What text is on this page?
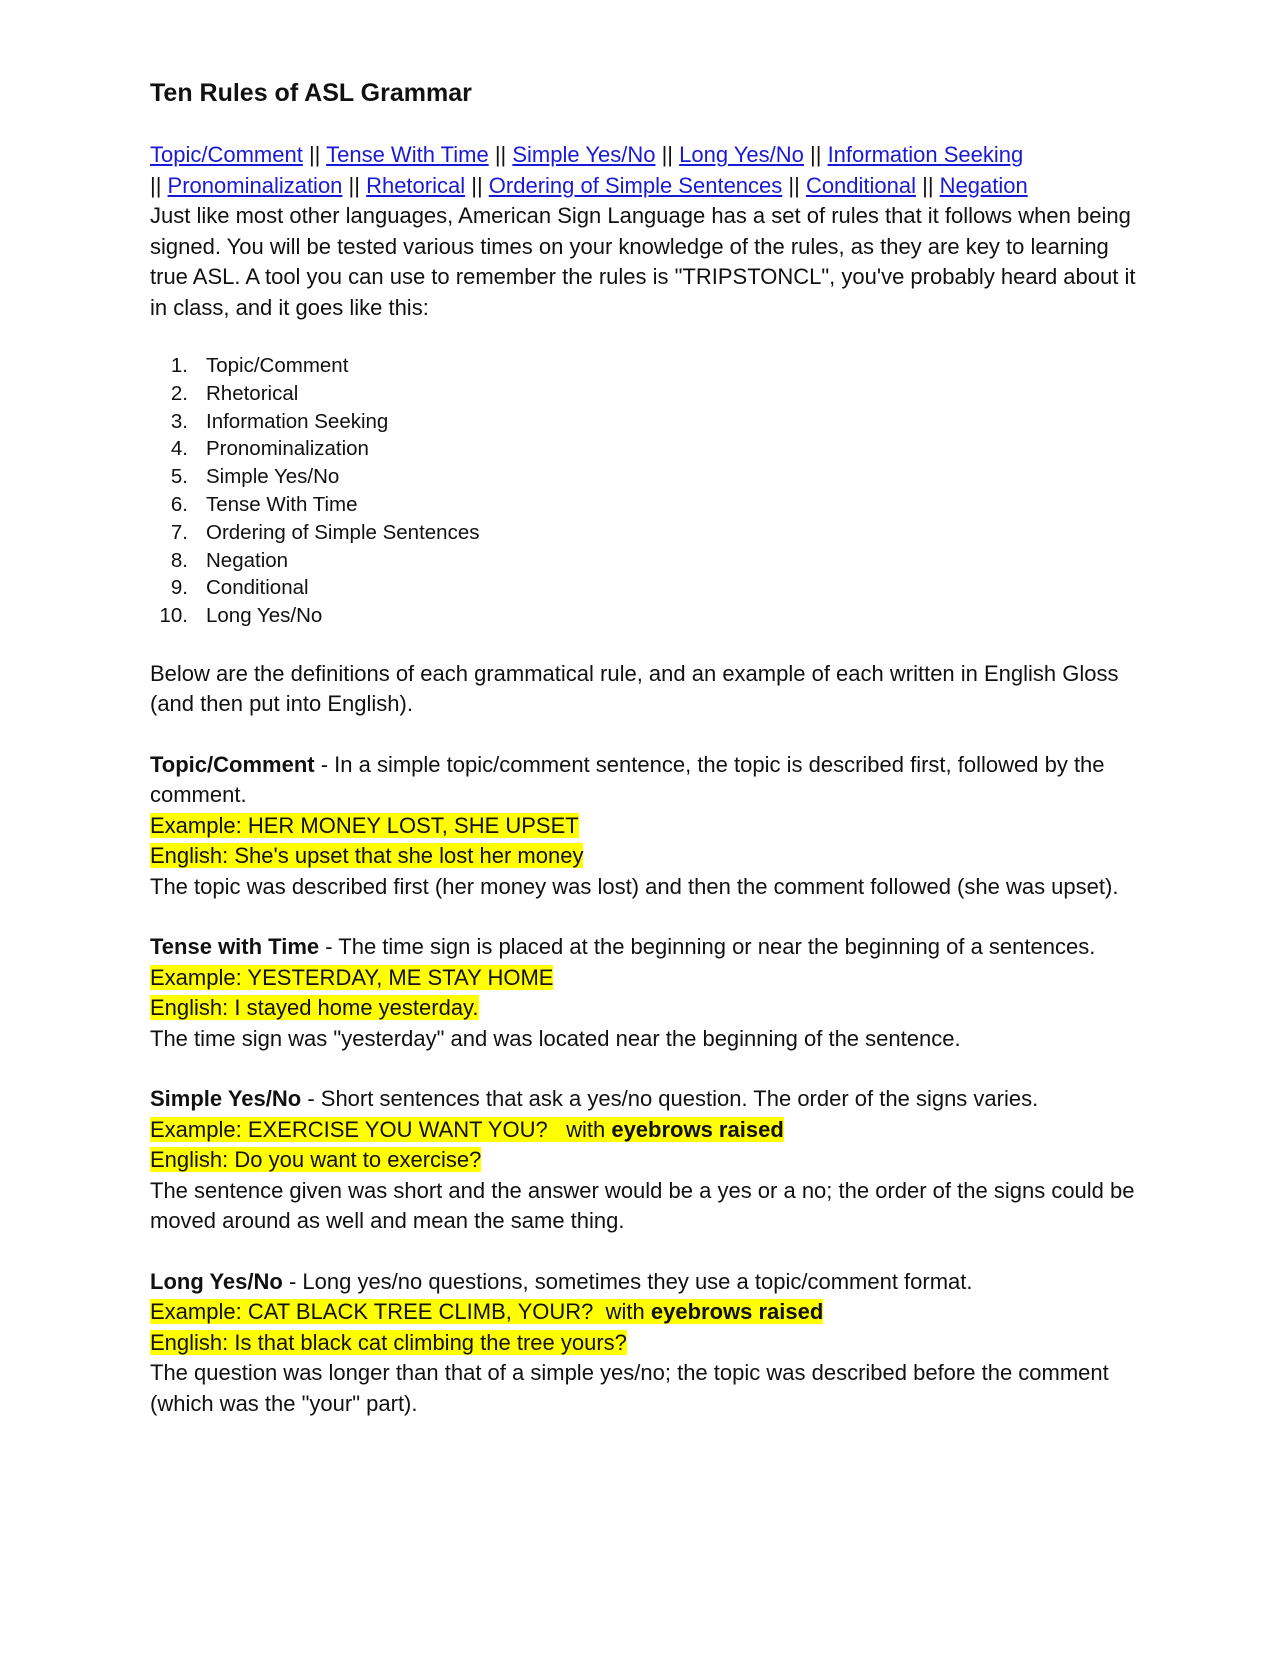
Ten Rules of ASL Grammar

Topic/Comment || Tense With Time || Simple Yes/No || Long Yes/No || Information Seeking
|| Pronominalization || Rhetorical || Ordering of Simple Sentences || Conditional || Negation

Just like most other languages, American Sign Language has a set of rules that it follows when being signed. You will be tested various times on your knowledge of the rules, as they are key to learning true ASL. A tool you can use to remember the rules is "TRIPSTONCL", you've probably heard about it in class, and it goes like this:

1. Topic/Comment
2. Rhetorical
3. Information Seeking
4. Pronominalization
5. Simple Yes/No
6. Tense With Time
7. Ordering of Simple Sentences
8. Negation
9. Conditional
10. Long Yes/No

Below are the definitions of each grammatical rule, and an example of each written in English Gloss (and then put into English).

Topic/Comment - In a simple topic/comment sentence, the topic is described first, followed by the comment.

Example: HER MONEY LOST, SHE UPSET

English: She's upset that she lost her money

The topic was described first (her money was lost) and then the comment followed (she was upset).

Tense with Time - The time sign is placed at the beginning or near the beginning of a sentences.

Example: YESTERDAY, ME STAY HOME

English: I stayed home yesterday.

The time sign was "yesterday" and was located near the beginning of the sentence.

Simple Yes/No - Short sentences that ask a yes/no question. The order of the signs varies.

Example: EXERCISE YOU WANT YOU?   with eyebrows raised

English: Do you want to exercise?

The sentence given was short and the answer would be a yes or a no; the order of the signs could be moved around as well and mean the same thing.

Long Yes/No - Long yes/no questions, sometimes they use a topic/comment format.

Example: CAT BLACK TREE CLIMB, YOUR?  with eyebrows raised

English: Is that black cat climbing the tree yours?

The question was longer than that of a simple yes/no; the topic was described before the comment (which was the "your" part).
